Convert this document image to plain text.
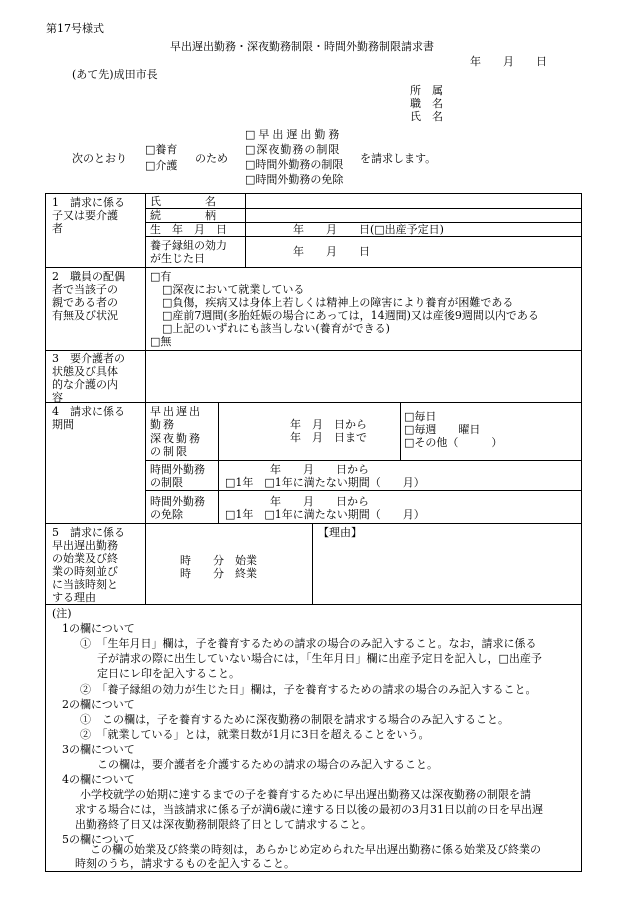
第17号様式
早出遅出勤務・深夜勤務制限・時間外勤務制限請求書
年　　月　　日
(あて先)成田市長
所　属
職　名
氏　名
次のとおり
□養育
□介護
のため
□早出遅出勤務
□深夜勤務の制限
□時間外勤務の制限
□時間外勤務の免除
を請求します。
1　請求に係る
子又は要介護
者
氏　　　　名
続　　　　柄
生　年　月　日	年　　月　　日(□出産予定日)
養子縁組の効力
が生じた日
年　　月　　日
2　職員の配偶
者で当該子の
親である者の
有無及び状況
□有
□深夜において就業している
□負傷，疾病又は身体上若しくは精神上の障害により養育が困難である
□産前7週間(多胎妊娠の場合にあっては，14週間)又は産後9週間以内である
□上記のいずれにも該当しない(養育ができる)
□無
3　要介護者の
状態及び具体
的な介護の内
容
4　請求に係る
期間
早出遅出
勤務
深夜勤務
の制限
年　月　日から
年　月　日まで
□毎日
□毎週　　曜日
□その他（　　　）
時間外勤務
の制限
年　　月　　日から
□1年　□1年に満たない期間（　　月）
時間外勤務
の免除
年　　月　　日から
□1年　□1年に満たない期間（　　月）
5　請求に係る
早出遅出勤務
の始業及び終
業の時刻並び
に当該時刻と
する理由
時　　分　始業
時　　分　終業
【理由】
(注)
1の欄について
①　「生年月日」欄は，子を養育するための請求の場合のみ記入すること。なお，請求に係る
子が請求の際に出生していない場合には，「生年月日」欄に出産予定日を記入し，□出産予
定日にレ印を記入すること。
②　「養子縁組の効力が生じた日」欄は，子を養育するための請求の場合のみ記入すること。
2の欄について
①　この欄は，子を養育するために深夜勤務の制限を請求する場合のみ記入すること。
②　「就業している」とは，就業日数が1月に3日を超えることをいう。
3の欄について
この欄は，要介護者を介護するための請求の場合のみ記入すること。
4の欄について
小学校就学の始期に達するまでの子を養育するために早出遅出勤務又は深夜勤務の制限を請
求する場合には，当該請求に係る子が満6歳に達する日以後の最初の3月31日以前の日を早出遅
出勤務終了日又は深夜勤務制限終了日として請求すること。
5の欄について
この欄の始業及び終業の時刻は，あらかじめ定められた早出遅出勤務に係る始業及び終業の
時刻のうち，請求するものを記入すること。
